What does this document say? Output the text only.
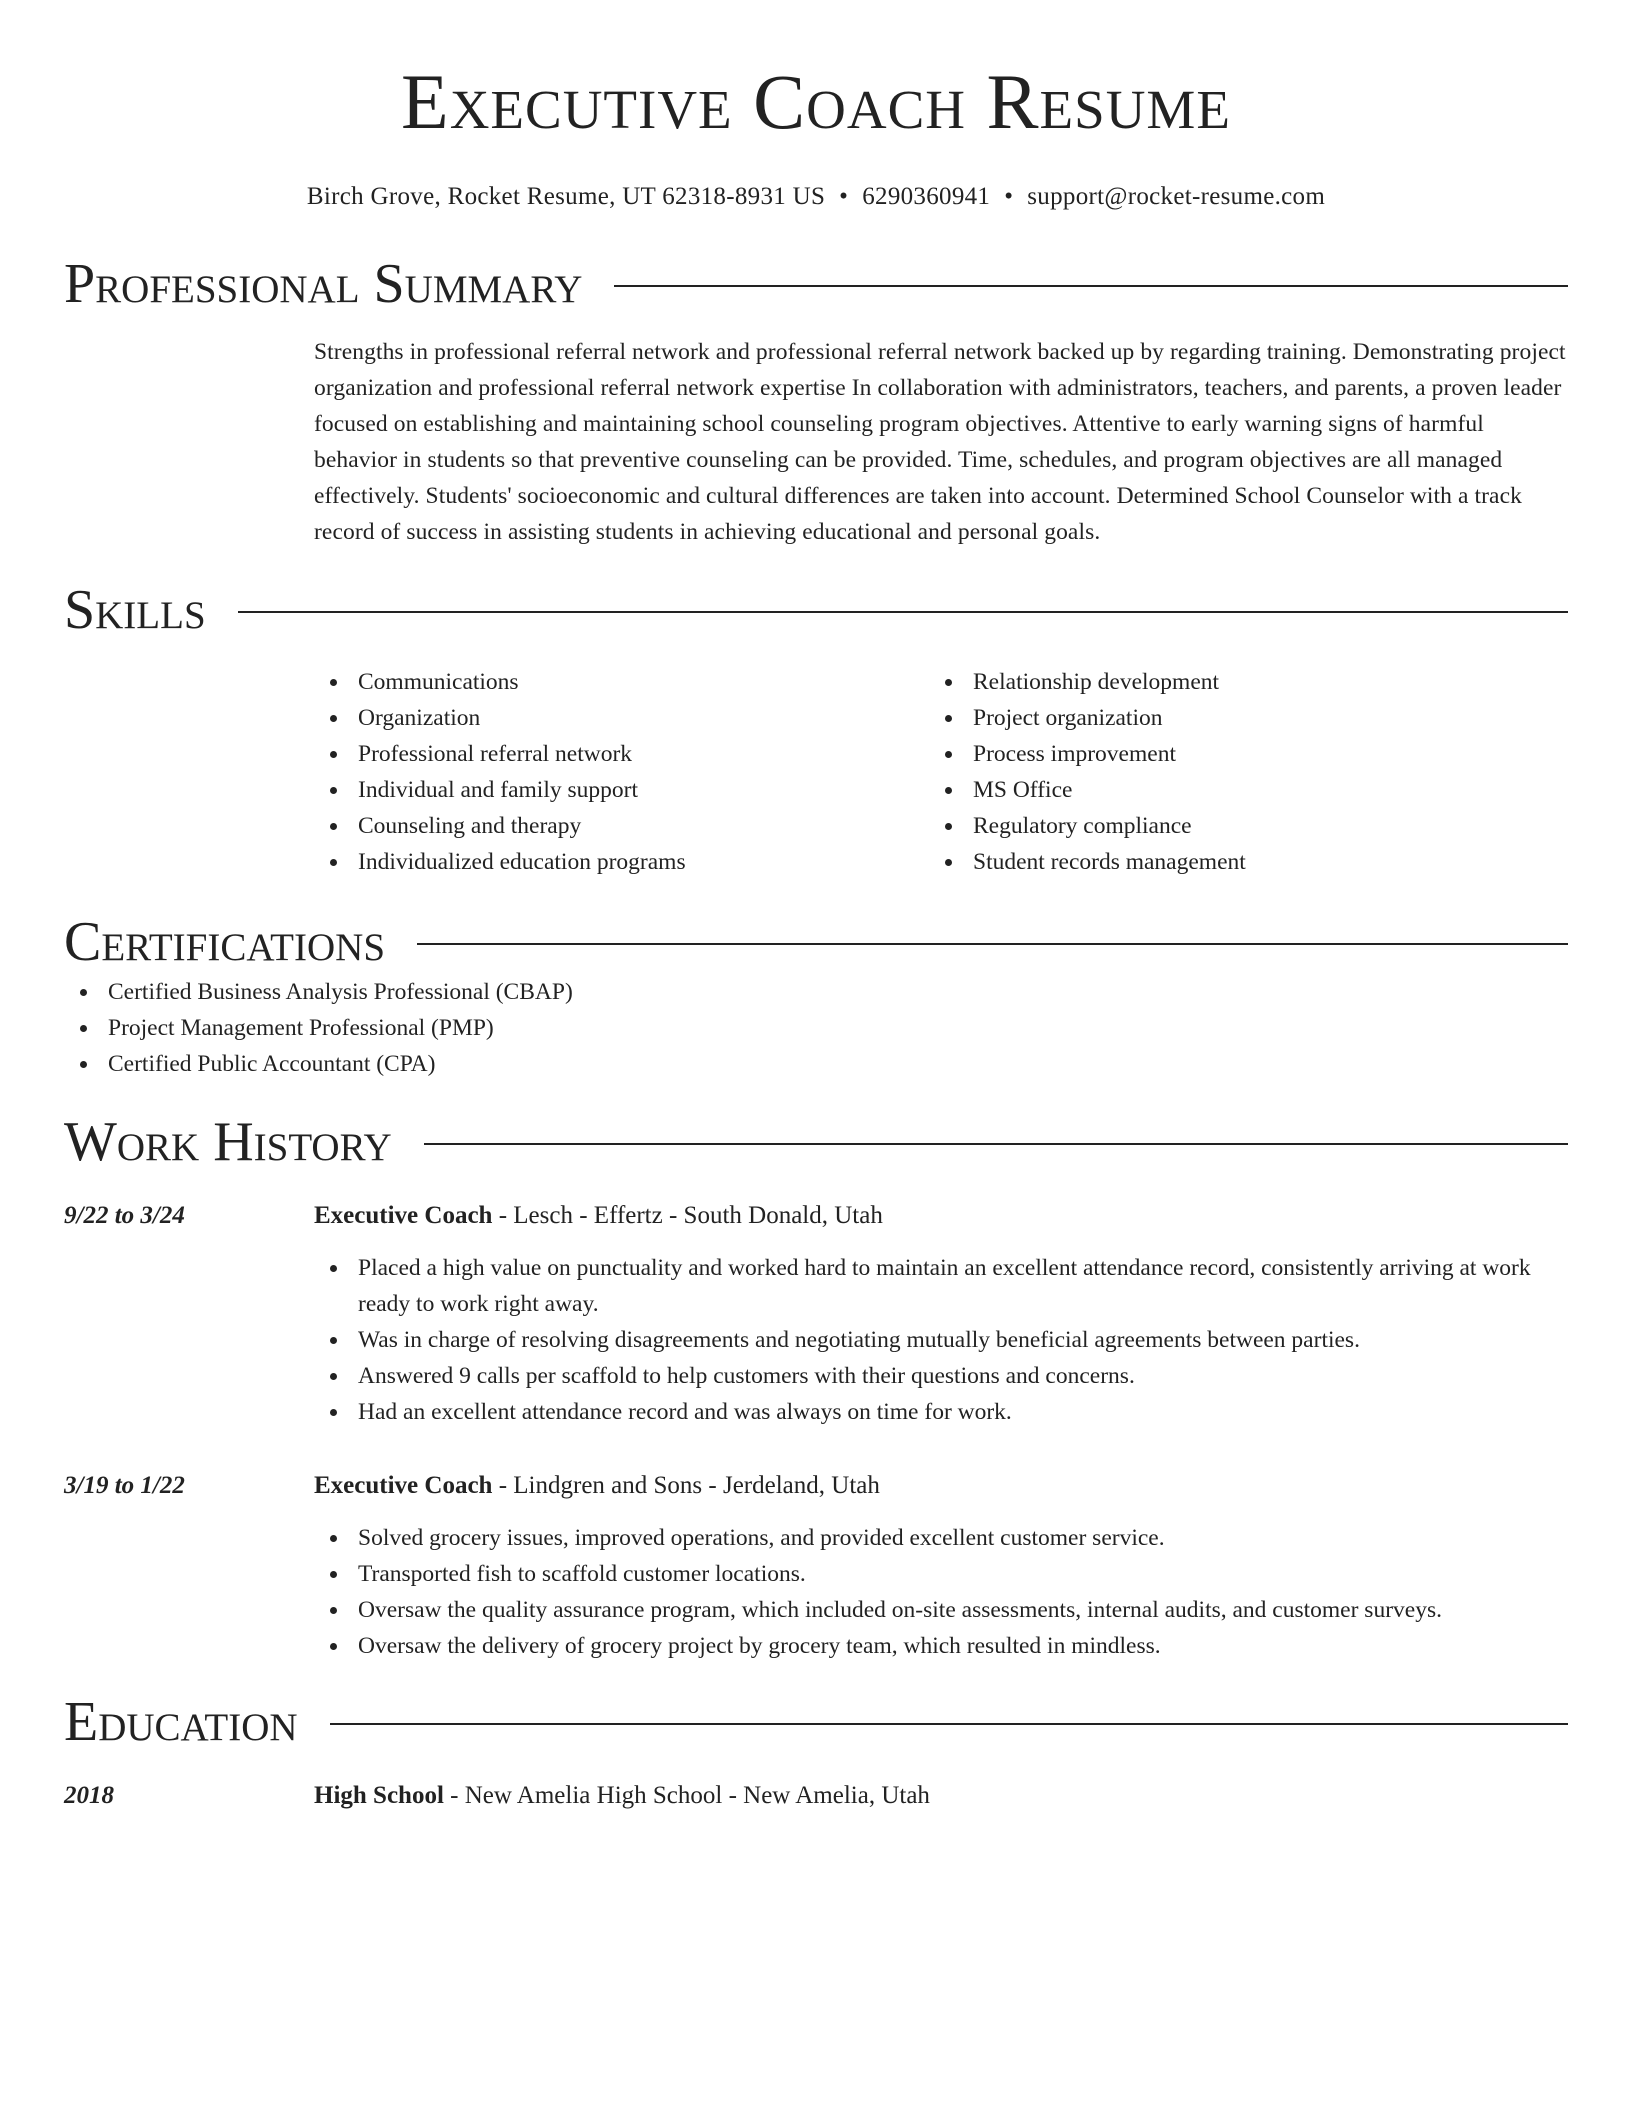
Executive Coach Resume
Birch Grove, Rocket Resume, UT 62318-8931 US • 6290360941 • support@rocket-resume.com
Professional Summary
Strengths in professional referral network and professional referral network backed up by regarding training. Demonstrating project organization and professional referral network expertise In collaboration with administrators, teachers, and parents, a proven leader focused on establishing and maintaining school counseling program objectives. Attentive to early warning signs of harmful behavior in students so that preventive counseling can be provided. Time, schedules, and program objectives are all managed effectively. Students' socioeconomic and cultural differences are taken into account. Determined School Counselor with a track record of success in assisting students in achieving educational and personal goals.
Skills
Communications
Organization
Professional referral network
Individual and family support
Counseling and therapy
Individualized education programs
Relationship development
Project organization
Process improvement
MS Office
Regulatory compliance
Student records management
Certifications
Certified Business Analysis Professional (CBAP)
Project Management Professional (PMP)
Certified Public Accountant (CPA)
Work History
9/22 to 3/24	Executive Coach - Lesch - Effertz - South Donald, Utah
Placed a high value on punctuality and worked hard to maintain an excellent attendance record, consistently arriving at work ready to work right away.
Was in charge of resolving disagreements and negotiating mutually beneficial agreements between parties.
Answered 9 calls per scaffold to help customers with their questions and concerns.
Had an excellent attendance record and was always on time for work.
3/19 to 1/22	Executive Coach - Lindgren and Sons - Jerdeland, Utah
Solved grocery issues, improved operations, and provided excellent customer service.
Transported fish to scaffold customer locations.
Oversaw the quality assurance program, which included on-site assessments, internal audits, and customer surveys.
Oversaw the delivery of grocery project by grocery team, which resulted in mindless.
Education
2018	High School - New Amelia High School - New Amelia, Utah
